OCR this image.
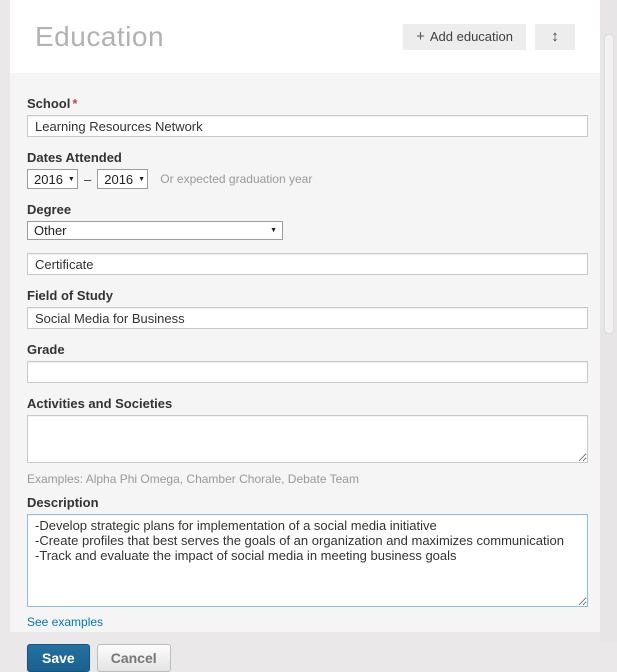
Education	+ Add education	↕
School *
Learning Resources Network
Dates Attended
2016 ▼ – 2016 ▼ Or expected graduation year
Degree
Other	▼
Certificate
Field of Study
Social Media for Business
Grade
Activities and Societies
Examples: Alpha Phi Omega, Chamber Chorale, Debate Team
Description
-Develop strategic plans for implementation of a social media initiative -Create profiles that best serves the goals of an organization and maximizes communication -Track and evaluate the impact of social media in meeting business goals
See examples
Save	Cancel
